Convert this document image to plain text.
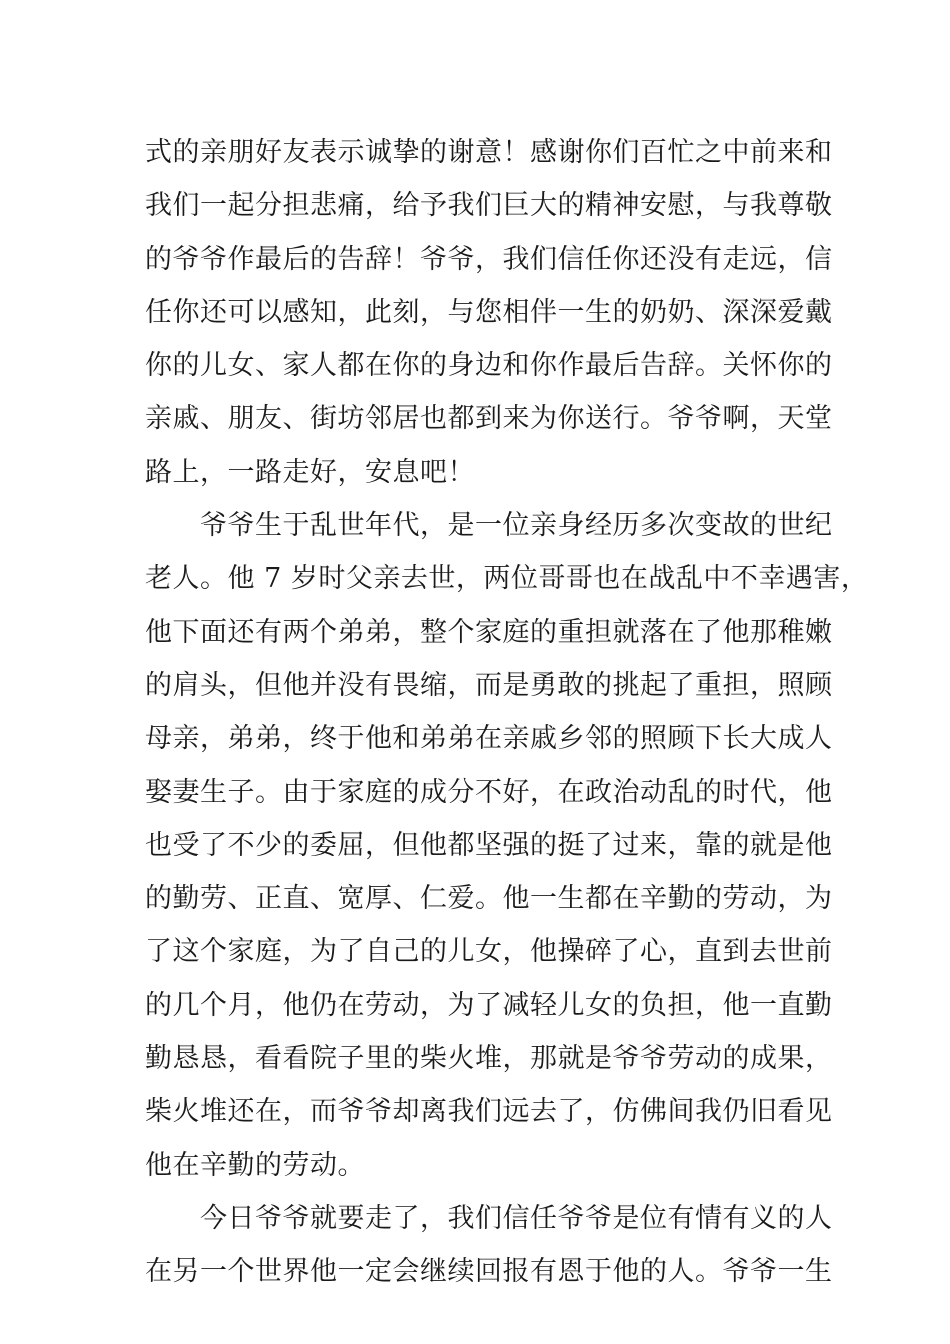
式的亲朋好友表示诚挚的谢意！感谢你们百忙之中前来和
我们一起分担悲痛，给予我们巨大的精神安慰，与我尊敬
的爷爷作最后的告辞！爷爷，我们信任你还没有走远，信
任你还可以感知，此刻，与您相伴一生的奶奶、深深爱戴
你的儿女、家人都在你的身边和你作最后告辞。关怀你的
亲戚、朋友、街坊邻居也都到来为你送行。爷爷啊，天堂
路上，一路走好，安息吧！
爷爷生于乱世年代，是一位亲身经历多次变故的世纪
老人。他 7 岁时父亲去世，两位哥哥也在战乱中不幸遇害，
他下面还有两个弟弟，整个家庭的重担就落在了他那稚嫩
的肩头，但他并没有畏缩，而是勇敢的挑起了重担，照顾
母亲，弟弟，终于他和弟弟在亲戚乡邻的照顾下长大成人
娶妻生子。由于家庭的成分不好，在政治动乱的时代，他
也受了不少的委屈，但他都坚强的挺了过来，靠的就是他
的勤劳、正直、宽厚、仁爱。他一生都在辛勤的劳动，为
了这个家庭，为了自己的儿女，他操碎了心，直到去世前
的几个月，他仍在劳动，为了减轻儿女的负担，他一直勤
勤恳恳，看看院子里的柴火堆，那就是爷爷劳动的成果，
柴火堆还在，而爷爷却离我们远去了，仿佛间我仍旧看见
他在辛勤的劳动。
今日爷爷就要走了，我们信任爷爷是位有情有义的人
在另一个世界他一定会继续回报有恩于他的人。爷爷一生
